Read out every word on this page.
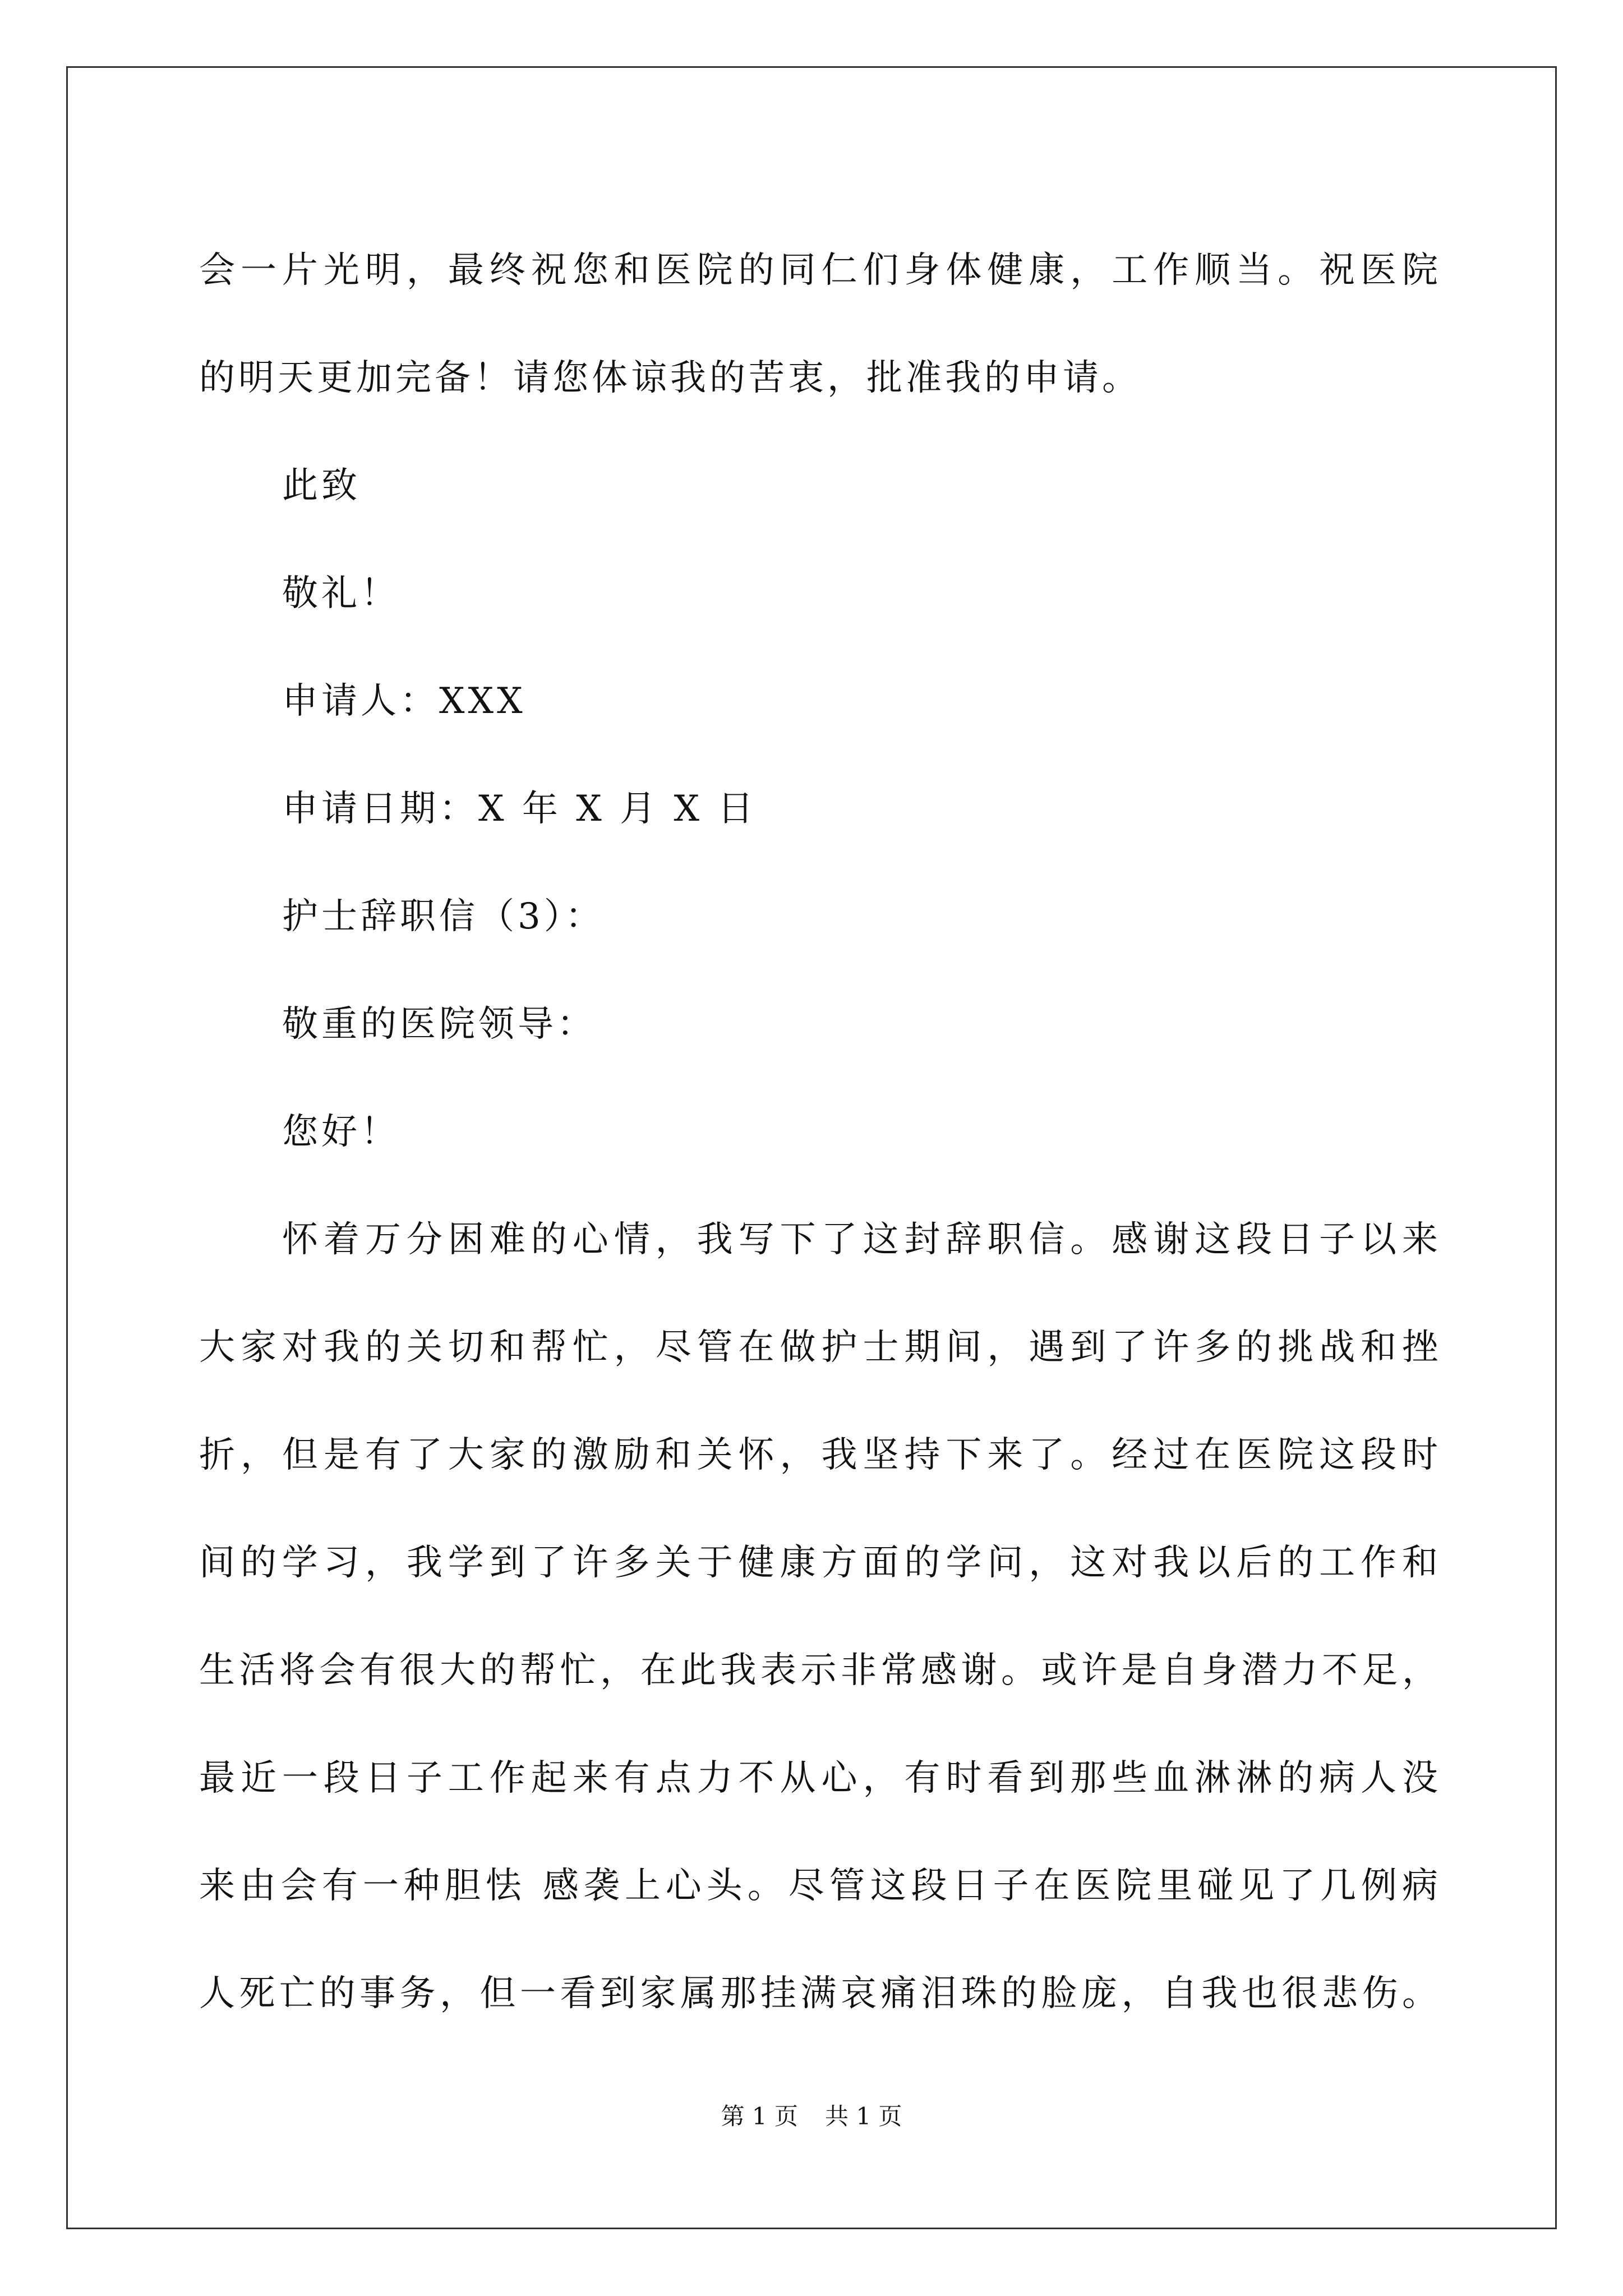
会一片光明，最终祝您和医院的同仁们身体健康，工作顺当。祝医院
的明天更加完备！请您体谅我的苦衷，批准我的申请。
此致
敬礼！
申请人：XXX
申请日期：X 年 X 月 X 日
护士辞职信（3）：
敬重的医院领导：
您好！
怀着万分困难的心情，我写下了这封辞职信。感谢这段日子以来
大家对我的关切和帮忙，尽管在做护士期间，遇到了许多的挑战和挫
折，但是有了大家的激励和关怀，我坚持下来了。经过在医院这段时
间的学习，我学到了许多关于健康方面的学问，这对我以后的工作和
生活将会有很大的帮忙，在此我表示非常感谢。或许是自身潜力不足，
最近一段日子工作起来有点力不从心，有时看到那些血淋淋的病人没
来由会有一种胆怯 感袭上心头。尽管这段日子在医院里碰见了几例病
人死亡的事务，但一看到家属那挂满哀痛泪珠的脸庞，自我也很悲伤。
第 1 页 共 1 页
